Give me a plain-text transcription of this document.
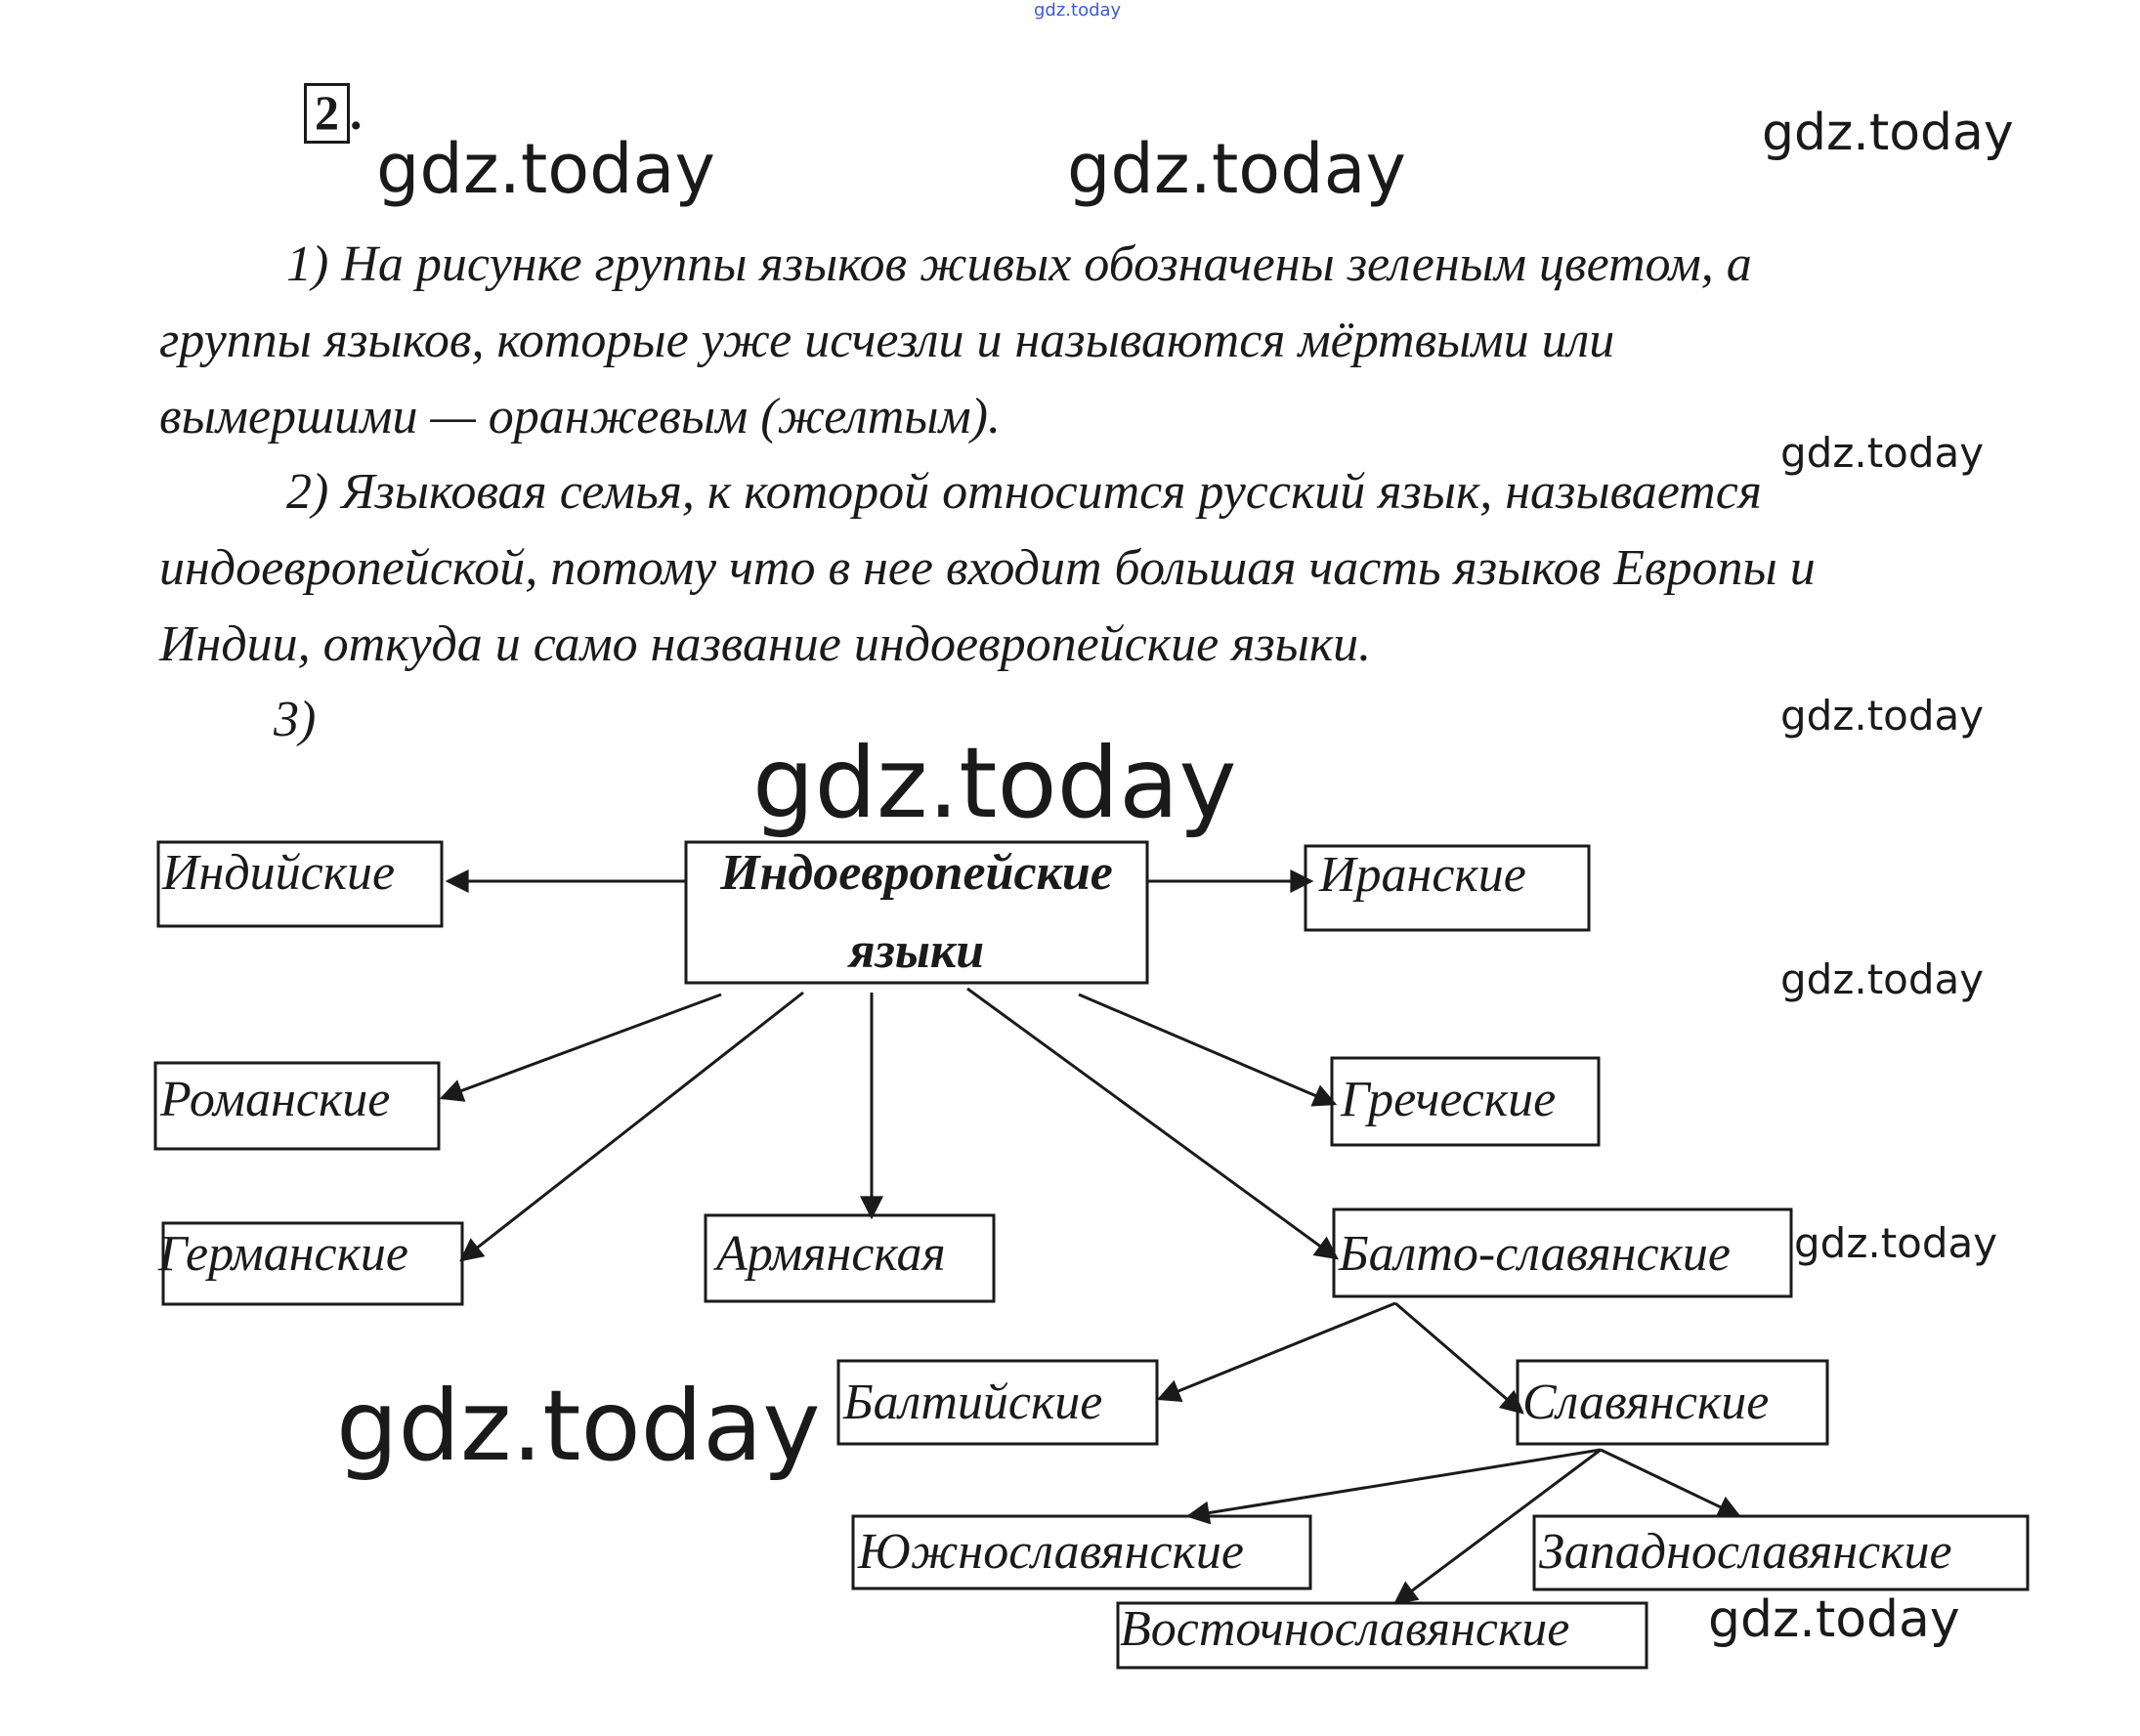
gdz.today
gdz.today	gdz.today	gdz.today
gdz.today
gdz.today
gdz.today
gdz.today
gdz.today
gdz.today
gdz.today
2 .

1) На рисунке группы языков живых обозначены зеленым цветом, а
группы языков, которые уже исчезли и называются мёртвыми или
вымершими — оранжевым (желтым).

2) Языковая семья, к которой относится русский язык, называется
индоевропейской, потому что в нее входит большая часть языков Европы и
Индии, откуда и само название индоевропейские языки.

3)

Индоевропейские
языки
Индийские	Иранские
Романские	Греческие
Германские	Армянская	Балто-славянские
Балтийские	Славянские
Южнославянские	Западнославянские
Восточнославянские
